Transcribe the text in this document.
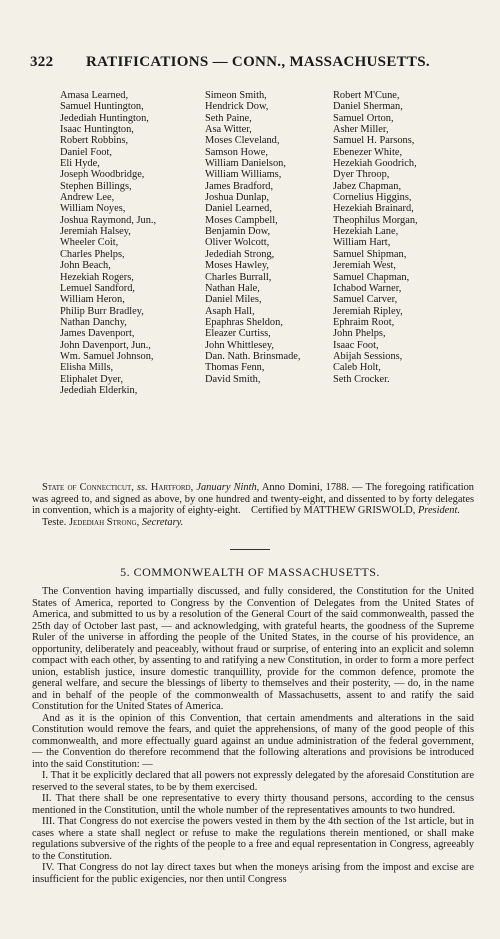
322 RATIFICATIONS — CONN., MASSACHUSETTS.
Amasa Learned,
Samuel Huntington,
Jedediah Huntington,
Isaac Huntington,
Robert Robbins,
Daniel Foot,
Eli Hyde,
Joseph Woodbridge,
Stephen Billings,
Andrew Lee,
William Noyes,
Joshua Raymond, Jun.,
Jeremiah Halsey,
Wheeler Coit,
Charles Phelps,
John Beach,
Hezekiah Rogers,
Lemuel Sandford,
William Heron,
Philip Burr Bradley,
Nathan Danchy,
James Davenport,
John Davenport, Jun.,
Wm. Samuel Johnson,
Elisha Mills,
Eliphalet Dyer,
Jedediah Elderkin,
Simeon Smith,
Hendrick Dow,
Seth Paine,
Asa Witter,
Moses Cleveland,
Samson Howe,
William Danielson,
William Williams,
James Bradford,
Joshua Dunlap,
Daniel Learned,
Moses Campbell,
Benjamin Dow,
Oliver Wolcott,
Jedediah Strong,
Moses Hawley,
Charles Burrall,
Nathan Hale,
Daniel Miles,
Asaph Hall,
Epaphras Sheldon,
Eleazer Curtiss,
John Whittlesey,
Dan. Nath. Brinsmade,
Thomas Fenn,
David Smith,
Robert M'Cune,
Daniel Sherman,
Samuel Orton,
Asher Miller,
Samuel H. Parsons,
Ebenezer White,
Hezekiah Goodrich,
Dyer Throop,
Jabez Chapman,
Cornelius Higgins,
Hezekiah Brainard,
Theophilus Morgan,
Hezekiah Lane,
William Hart,
Samuel Shipman,
Jeremiah West,
Samuel Chapman,
Ichabod Warner,
Samuel Carver,
Jeremiah Ripley,
Ephraim Root,
John Phelps,
Isaac Foot,
Abijah Sessions,
Caleb Holt,
Seth Crocker.

State of Connecticut, ss. Hartford, January Ninth, Anno Domini, 1788. — The foregoing ratification was agreed to, and signed as above, by one hundred and twenty-eight, and dissented to by forty delegates in convention, which is a majority of eighty-eight. Certified by MATTHEW GRISWOLD, President.

Teste. Jedediah Strong, Secretary.

5. COMMONWEALTH OF MASSACHUSETTS.

The Convention having impartially discussed, and fully considered, the Constitution for the United States of America, reported to Congress by the Convention of Delegates from the United States of America, and submitted to us by a resolution of the General Court of the said commonwealth, passed the 25th day of October last past, — and acknowledging, with grateful hearts, the goodness of the Supreme Ruler of the universe in affording the people of the United States, in the course of his providence, an opportunity, deliberately and peaceably, without fraud or surprise, of entering into an explicit and solemn compact with each other, by assenting to and ratifying a new Constitution, in order to form a more perfect union, establish justice, insure domestic tranquillity, provide for the common defence, promote the general welfare, and secure the blessings of liberty to themselves and their posterity, — do, in the name and in behalf of the people of the commonwealth of Massachusetts, assent to and ratify the said Constitution for the United States of America.

And as it is the opinion of this Convention, that certain amendments and alterations in the said Constitution would remove the fears, and quiet the apprehensions, of many of the good people of this commonwealth, and more effectually guard against an undue administration of the federal government, — the Convention do therefore recommend that the following alterations and provisions be introduced into the said Constitution: —

I. That it be explicitly declared that all powers not expressly delegated by the aforesaid Constitution are reserved to the several states, to be by them exercised.

II. That there shall be one representative to every thirty thousand persons, according to the census mentioned in the Constitution, until the whole number of the representatives amounts to two hundred.

III. That Congress do not exercise the powers vested in them by the 4th section of the 1st article, but in cases where a state shall neglect or refuse to make the regulations therein mentioned, or shall make regulations subversive of the rights of the people to a free and equal representation in Congress, agreeably to the Constitution.

IV. That Congress do not lay direct taxes but when the moneys arising from the impost and excise are insufficient for the public exigencies, nor then until Congress
